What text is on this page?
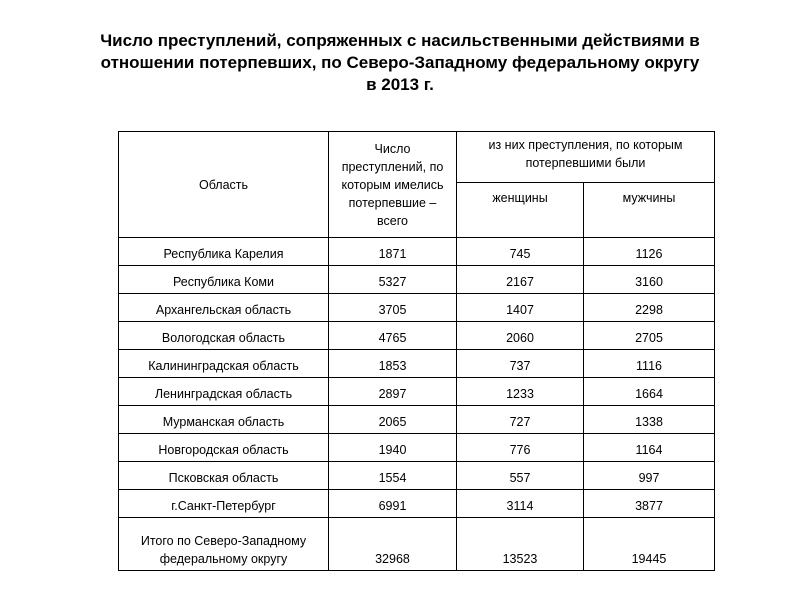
Число преступлений, сопряженных с насильственными действиями в
отношении потерпевших, по Северо-Западному федеральному округу
в 2013 г.
Область	Число преступлений, по которым имелись потерпевшие – всего	из них преступления, по которым потерпевшими были	
		женщины	мужчины
Республика Карелия	1871	745	1126
Республика Коми	5327	2167	3160
Архангельская область	3705	1407	2298
Вологодская область	4765	2060	2705
Калининградская область	1853	737	1116
Ленинградская область	2897	1233	1664
Мурманская область	2065	727	1338
Новгородская область	1940	776	1164
Псковская область	1554	557	997
г.Санкт-Петербург	6991	3114	3877
Итого по Северо-Западному федеральному округу	32968	13523	19445
